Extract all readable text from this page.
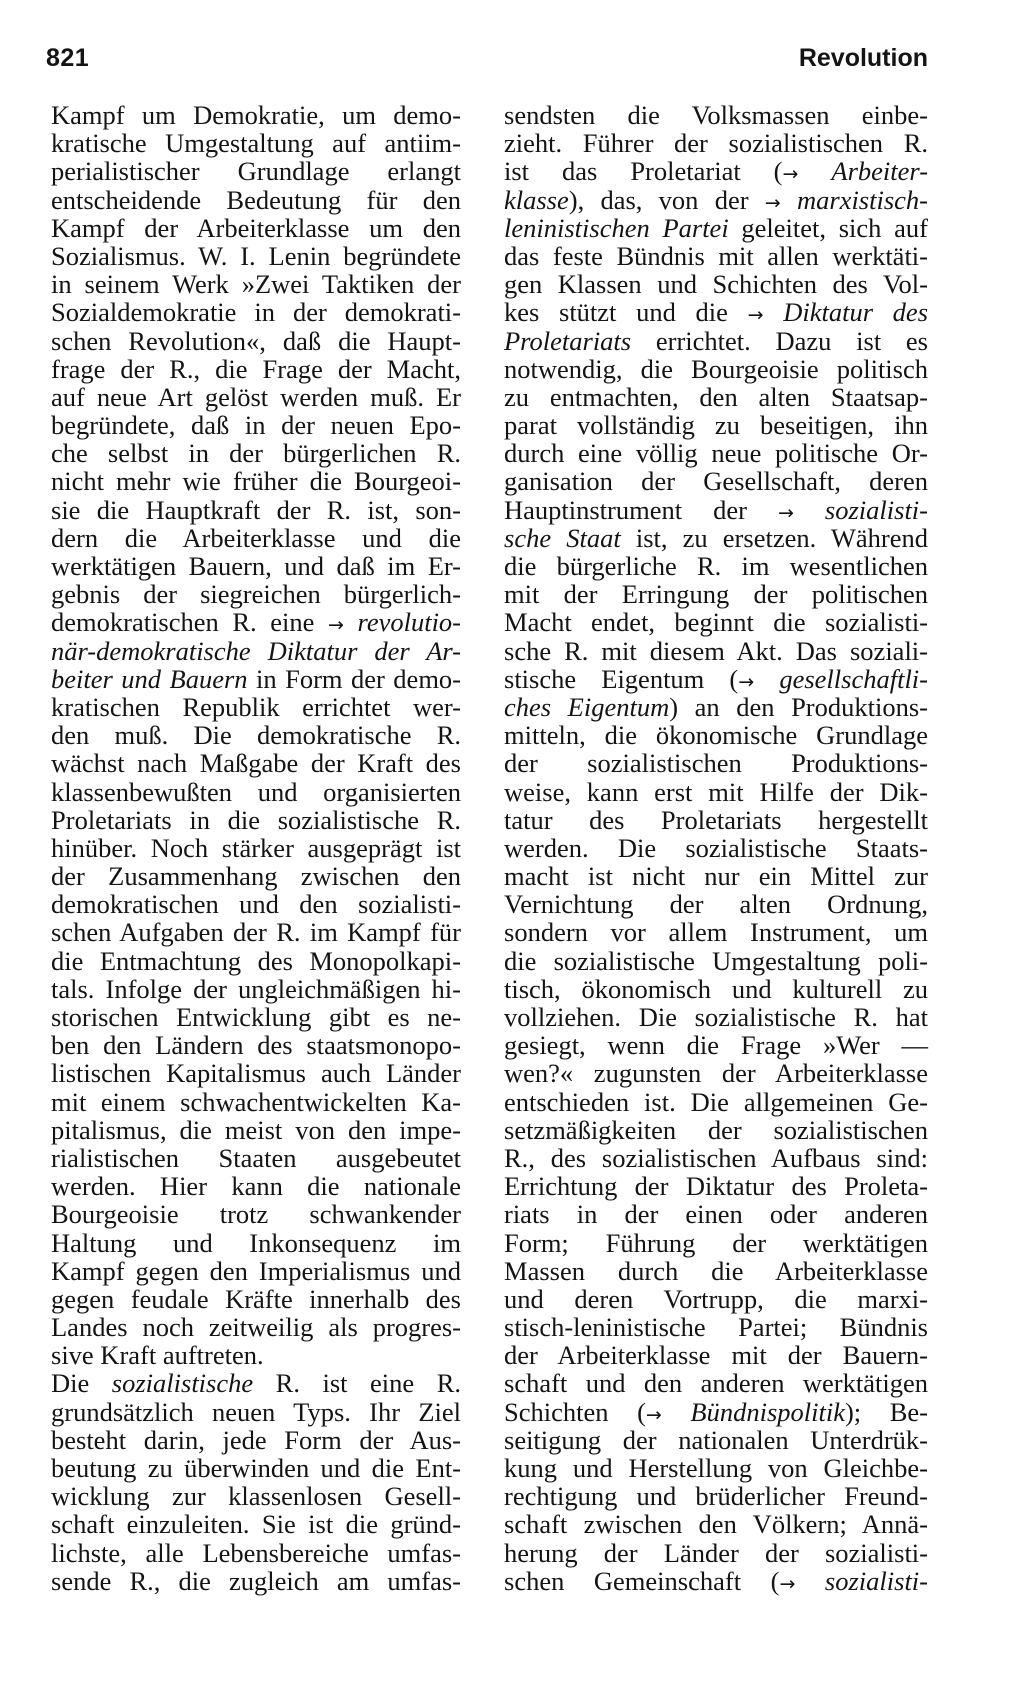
821	Revolution
Kampf um Demokratie, um demo-
kratische Umgestaltung auf antiim-
perialistischer Grundlage erlangt
entscheidende Bedeutung für den
Kampf der Arbeiterklasse um den
Sozialismus. W. I. Lenin begründete
in seinem Werk »Zwei Taktiken der
Sozialdemokratie in der demokrati-
schen Revolution«, daß die Haupt-
frage der R., die Frage der Macht,
auf neue Art gelöst werden muß. Er
begründete, daß in der neuen Epo-
che selbst in der bürgerlichen R.
nicht mehr wie früher die Bourgeoi-
sie die Hauptkraft der R. ist, son-
dern die Arbeiterklasse und die
werktätigen Bauern, und daß im Er-
gebnis der siegreichen bürgerlich-
demokratischen R. eine → revolutio-
när-demokratische Diktatur der Ar-
beiter und Bauern in Form der demo-
kratischen Republik errichtet wer-
den muß. Die demokratische R.
wächst nach Maßgabe der Kraft des
klassenbewußten und organisierten
Proletariats in die sozialistische R.
hinüber. Noch stärker ausgeprägt ist
der Zusammenhang zwischen den
demokratischen und den sozialisti-
schen Aufgaben der R. im Kampf für
die Entmachtung des Monopolkapi-
tals. Infolge der ungleichmäßigen hi-
storischen Entwicklung gibt es ne-
ben den Ländern des staatsmonopo-
listischen Kapitalismus auch Länder
mit einem schwachentwickelten Ka-
pitalismus, die meist von den impe-
rialistischen Staaten ausgebeutet
werden. Hier kann die nationale
Bourgeoisie trotz schwankender
Haltung und Inkonsequenz im
Kampf gegen den Imperialismus und
gegen feudale Kräfte innerhalb des
Landes noch zeitweilig als progres-
sive Kraft auftreten.
Die sozialistische R. ist eine R.
grundsätzlich neuen Typs. Ihr Ziel
besteht darin, jede Form der Aus-
beutung zu überwinden und die Ent-
wicklung zur klassenlosen Gesell-
schaft einzuleiten. Sie ist die gründ-
lichste, alle Lebensbereiche umfas-
sende R., die zugleich am umfas-
sendsten die Volksmassen einbe-
zieht. Führer der sozialistischen R.
ist das Proletariat (→ Arbeiter-
klasse), das, von der → marxistisch-
leninistischen Partei geleitet, sich auf
das feste Bündnis mit allen werktäti-
gen Klassen und Schichten des Vol-
kes stützt und die → Diktatur des
Proletariats errichtet. Dazu ist es
notwendig, die Bourgeoisie politisch
zu entmachten, den alten Staatsap-
parat vollständig zu beseitigen, ihn
durch eine völlig neue politische Or-
ganisation der Gesellschaft, deren
Hauptinstrument der → sozialisti-
sche Staat ist, zu ersetzen. Während
die bürgerliche R. im wesentlichen
mit der Erringung der politischen
Macht endet, beginnt die sozialisti-
sche R. mit diesem Akt. Das soziali-
stische Eigentum (→ gesellschaftli-
ches Eigentum) an den Produktions-
mitteln, die ökonomische Grundlage
der sozialistischen Produktions-
weise, kann erst mit Hilfe der Dik-
tatur des Proletariats hergestellt
werden. Die sozialistische Staats-
macht ist nicht nur ein Mittel zur
Vernichtung der alten Ordnung,
sondern vor allem Instrument, um
die sozialistische Umgestaltung poli-
tisch, ökonomisch und kulturell zu
vollziehen. Die sozialistische R. hat
gesiegt, wenn die Frage »Wer —
wen?« zugunsten der Arbeiterklasse
entschieden ist. Die allgemeinen Ge-
setzmäßigkeiten der sozialistischen
R., des sozialistischen Aufbaus sind:
Errichtung der Diktatur des Proleta-
riats in der einen oder anderen
Form; Führung der werktätigen
Massen durch die Arbeiterklasse
und deren Vortrupp, die marxi-
stisch-leninistische Partei; Bündnis
der Arbeiterklasse mit der Bauern-
schaft und den anderen werktätigen
Schichten (→ Bündnispolitik); Be-
seitigung der nationalen Unterdrük-
kung und Herstellung von Gleichbe-
rechtigung und brüderlicher Freund-
schaft zwischen den Völkern; Annä-
herung der Länder der sozialisti-
schen Gemeinschaft (→ sozialisti-
